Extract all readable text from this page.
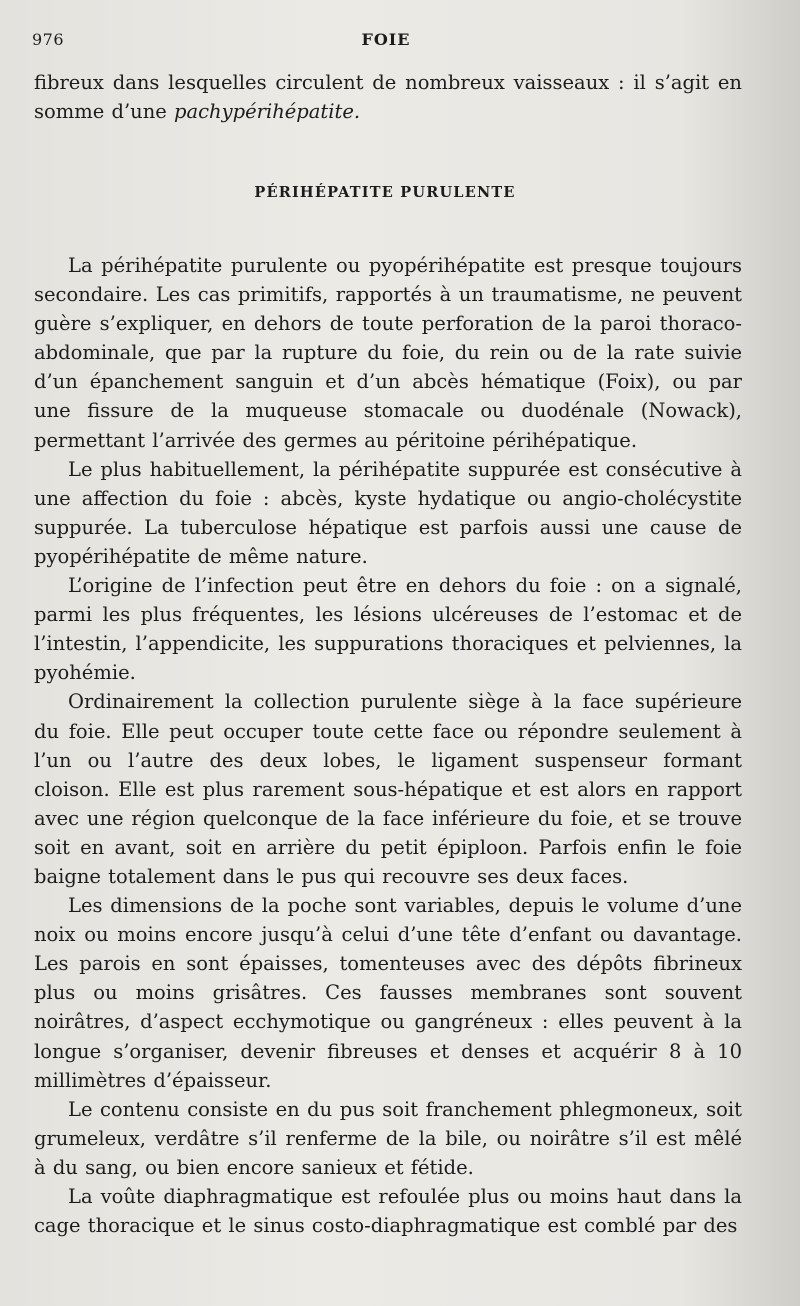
976	FOIE

fibreux dans lesquelles circulent de nombreux vaisseaux : il s’agit en somme d’une pachypérihépatite.

PÉRIHÉPATITE PURULENTE

La périhépatite purulente ou pyopérihépatite est presque toujours secondaire. Les cas primitifs, rapportés à un traumatisme, ne peuvent guère s’expliquer, en dehors de toute perforation de la paroi thoraco-abdominale, que par la rupture du foie, du rein ou de la rate suivie d’un épanchement sanguin et d’un abcès hématique (Foix), ou par une fissure de la muqueuse stomacale ou duodénale (Nowack), permettant l’arrivée des germes au péritoine périhépatique.

Le plus habituellement, la périhépatite suppurée est consécutive à une affection du foie : abcès, kyste hydatique ou angio-cholécystite suppurée. La tuberculose hépatique est parfois aussi une cause de pyopérihépatite de même nature.

L’origine de l’infection peut être en dehors du foie : on a signalé, parmi les plus fréquentes, les lésions ulcéreuses de l’estomac et de l’intestin, l’appendicite, les suppurations thoraciques et pelviennes, la pyohémie.

Ordinairement la collection purulente siège à la face supérieure du foie. Elle peut occuper toute cette face ou répondre seulement à l’un ou l’autre des deux lobes, le ligament suspenseur formant cloison. Elle est plus rarement sous-hépatique et est alors en rapport avec une région quelconque de la face inférieure du foie, et se trouve soit en avant, soit en arrière du petit épiploon. Parfois enfin le foie baigne totalement dans le pus qui recouvre ses deux faces.

Les dimensions de la poche sont variables, depuis le volume d’une noix ou moins encore jusqu’à celui d’une tête d’enfant ou davantage. Les parois en sont épaisses, tomenteuses avec des dépôts fibrineux plus ou moins grisâtres. Ces fausses membranes sont souvent noirâtres, d’aspect ecchymotique ou gangréneux : elles peuvent à la longue s’organiser, devenir fibreuses et denses et acquérir 8 à 10 millimètres d’épaisseur.

Le contenu consiste en du pus soit franchement phlegmoneux, soit grumeleux, verdâtre s’il renferme de la bile, ou noirâtre s’il est mêlé à du sang, ou bien encore sanieux et fétide.

La voûte diaphragmatique est refoulée plus ou moins haut dans la cage thoracique et le sinus costo-diaphragmatique est comblé par des
